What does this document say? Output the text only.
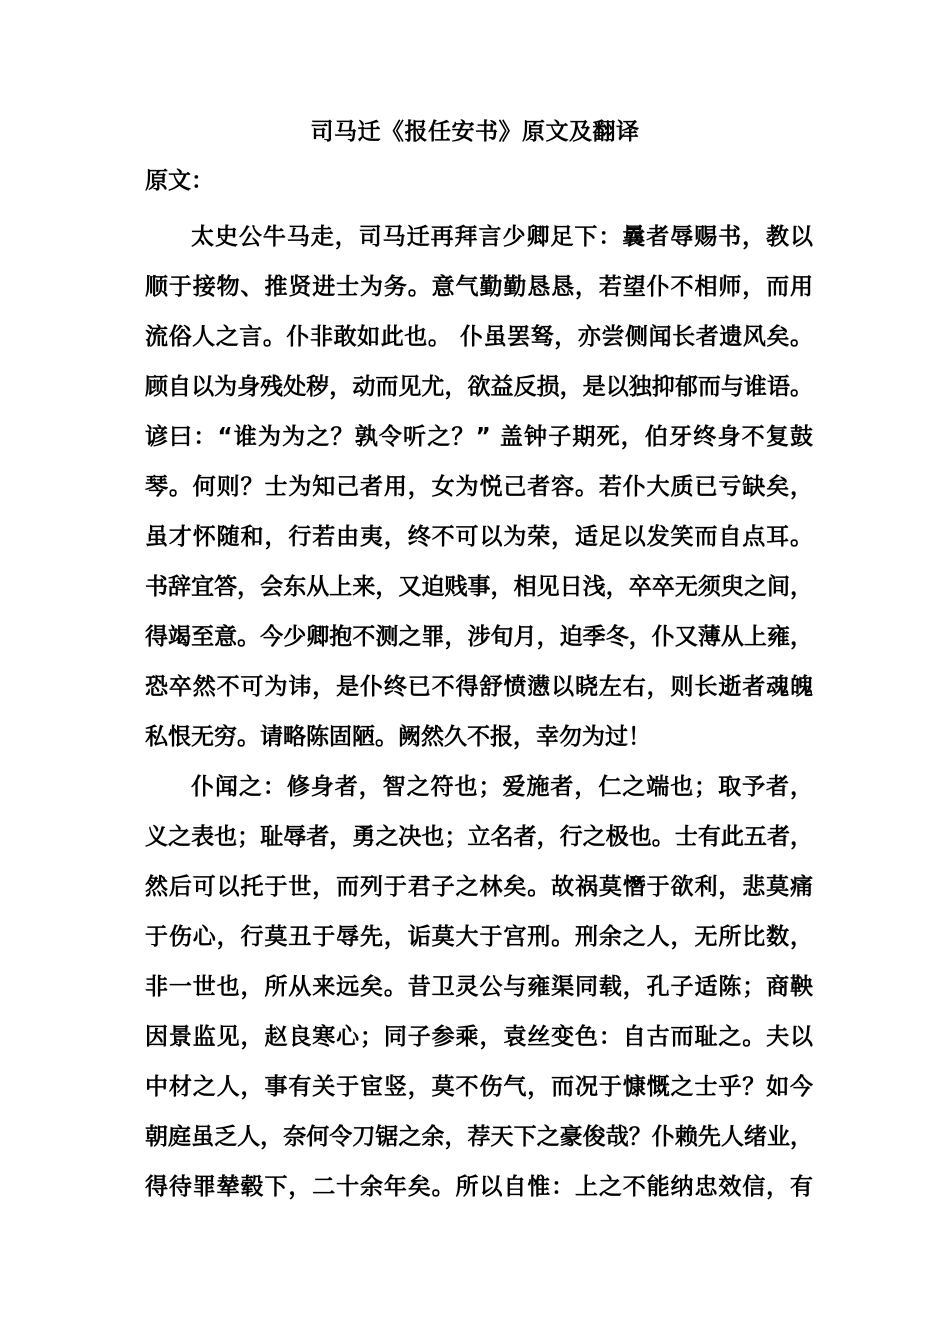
司马迁《报任安书》原文及翻译
原文：
太史公牛马走，司马迁再拜言少卿足下：曩者辱赐书，教以
顺于接物、推贤进士为务。意气勤勤恳恳，若望仆不相师，而用
流俗人之言。仆非敢如此也。 仆虽罢驽，亦尝侧闻长者遗风矣。
顾自以为身残处秽，动而见尤，欲益反损，是以独抑郁而与谁语。
谚曰：“谁为为之？孰令听之？” 盖钟子期死，伯牙终身不复鼓
琴。何则？士为知己者用，女为悦己者容。若仆大质已亏缺矣，
虽才怀随和，行若由夷，终不可以为荣，适足以发笑而自点耳。
书辞宜答，会东从上来，又迫贱事，相见日浅，卒卒无须臾之间，
得竭至意。今少卿抱不测之罪，涉旬月，迫季冬，仆又薄从上雍，
恐卒然不可为讳，是仆终已不得舒愤懑以晓左右，则长逝者魂魄
私恨无穷。请略陈固陋。阙然久不报，幸勿为过！
仆闻之：修身者，智之符也；爱施者，仁之端也；取予者，
义之表也；耻辱者，勇之决也；立名者，行之极也。士有此五者，
然后可以托于世，而列于君子之林矣。故祸莫憯于欲利，悲莫痛
于伤心，行莫丑于辱先，诟莫大于宫刑。刑余之人，无所比数，
非一世也，所从来远矣。昔卫灵公与雍渠同载，孔子适陈；商鞅
因景监见，赵良寒心；同子参乘，袁丝变色：自古而耻之。夫以
中材之人，事有关于宦竖，莫不伤气，而况于慷慨之士乎？如今
朝庭虽乏人，奈何令刀锯之余，荐天下之豪俊哉？仆赖先人绪业，
得待罪辇毂下，二十余年矣。所以自惟：上之不能纳忠效信，有
